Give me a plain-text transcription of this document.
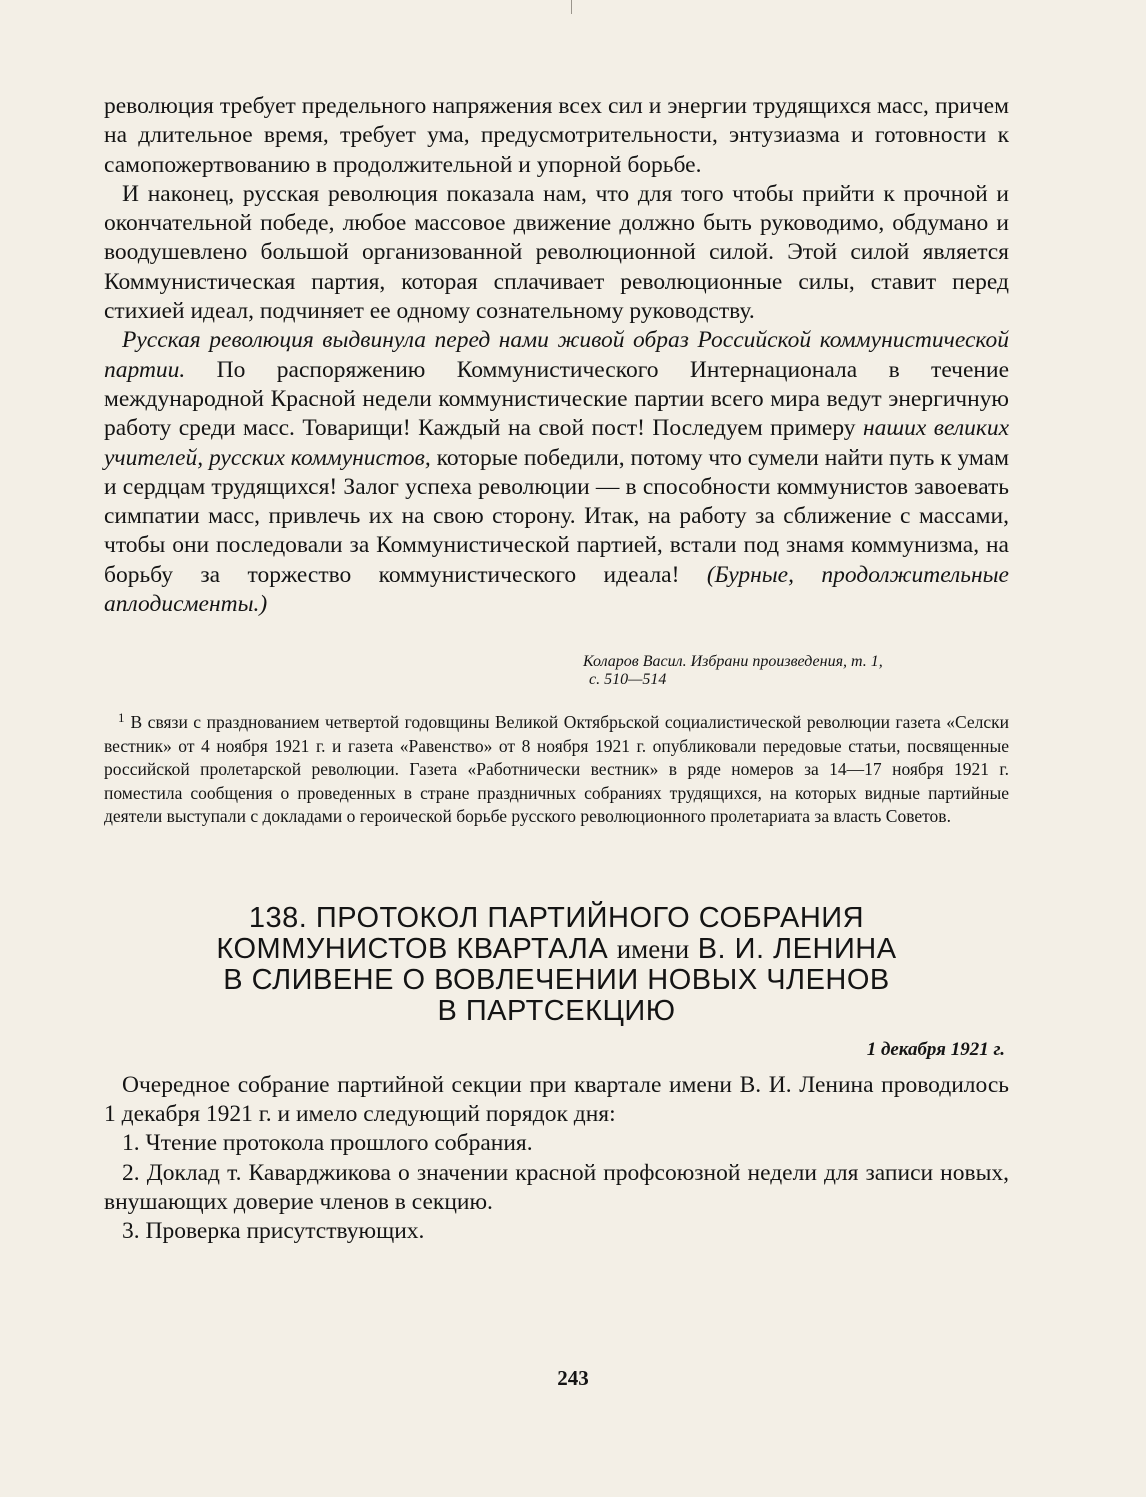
революция требует предельного напряжения всех сил и энергии трудящихся масс, причем на длительное время, требует ума, предусмотрительности, энтузиазма и готовности к самопожертвованию в продолжительной и упорной борьбе.

И наконец, русская революция показала нам, что для того чтобы прийти к прочной и окончательной победе, любое массовое движение должно быть руководимо, обдумано и воодушевлено большой организованной революционной силой. Этой силой является Коммунистическая партия, которая сплачивает революционные силы, ставит перед стихией идеал, подчиняет ее одному сознательному руководству.

Русская революция выдвинула перед нами живой образ Российской коммунистической партии. По распоряжению Коммунистического Интернационала в течение международной Красной недели коммунистические партии всего мира ведут энергичную работу среди масс. Товарищи! Каждый на свой пост! Последуем примеру наших великих учителей, русских коммунистов, которые победили, потому что сумели найти путь к умам и сердцам трудящихся! Залог успеха революции — в способности коммунистов завоевать симпатии масс, привлечь их на свою сторону. Итак, на работу за сближение с массами, чтобы они последовали за Коммунистической партией, встали под знамя коммунизма, на борьбу за торжество коммунистического идеала! (Бурные, продолжительные аплодисменты.)

Коларов Васил. Избрани произведения, т. 1,
с. 510—514

$^1$ В связи с празднованием четвертой годовщины Великой Октябрьской социалистической революции газета «Селски вестник» от 4 ноября 1921 г. и газета «Равенство» от 8 ноября 1921 г. опубликовали передовые статьи, посвященные российской пролетарской революции. Газета «Работнически вестник» в ряде номеров за 14—17 ноября 1921 г. поместила сообщения о проведенных в стране праздничных собраниях трудящихся, на которых видные партийные деятели выступали с докладами о героической борьбе русского революционного пролетариата за власть Советов.

138. ПРОТОКОЛ ПАРТИЙНОГО СОБРАНИЯ
КОММУНИСТОВ КВАРТАЛА имени В. И. ЛЕНИНА
В СЛИВЕНЕ О ВОВЛЕЧЕНИИ НОВЫХ ЧЛЕНОВ
В ПАРТСЕКЦИЮ
1 декабря 1921 г.

Очередное собрание партийной секции при квартале имени В. И. Ленина проводилось 1 декабря 1921 г. и имело следующий порядок дня:

1. Чтение протокола прошлого собрания.

2. Доклад т. Каварджикова о значении красной профсоюзной недели для записи новых, внушающих доверие членов в секцию.

3. Проверка присутствующих.

243
